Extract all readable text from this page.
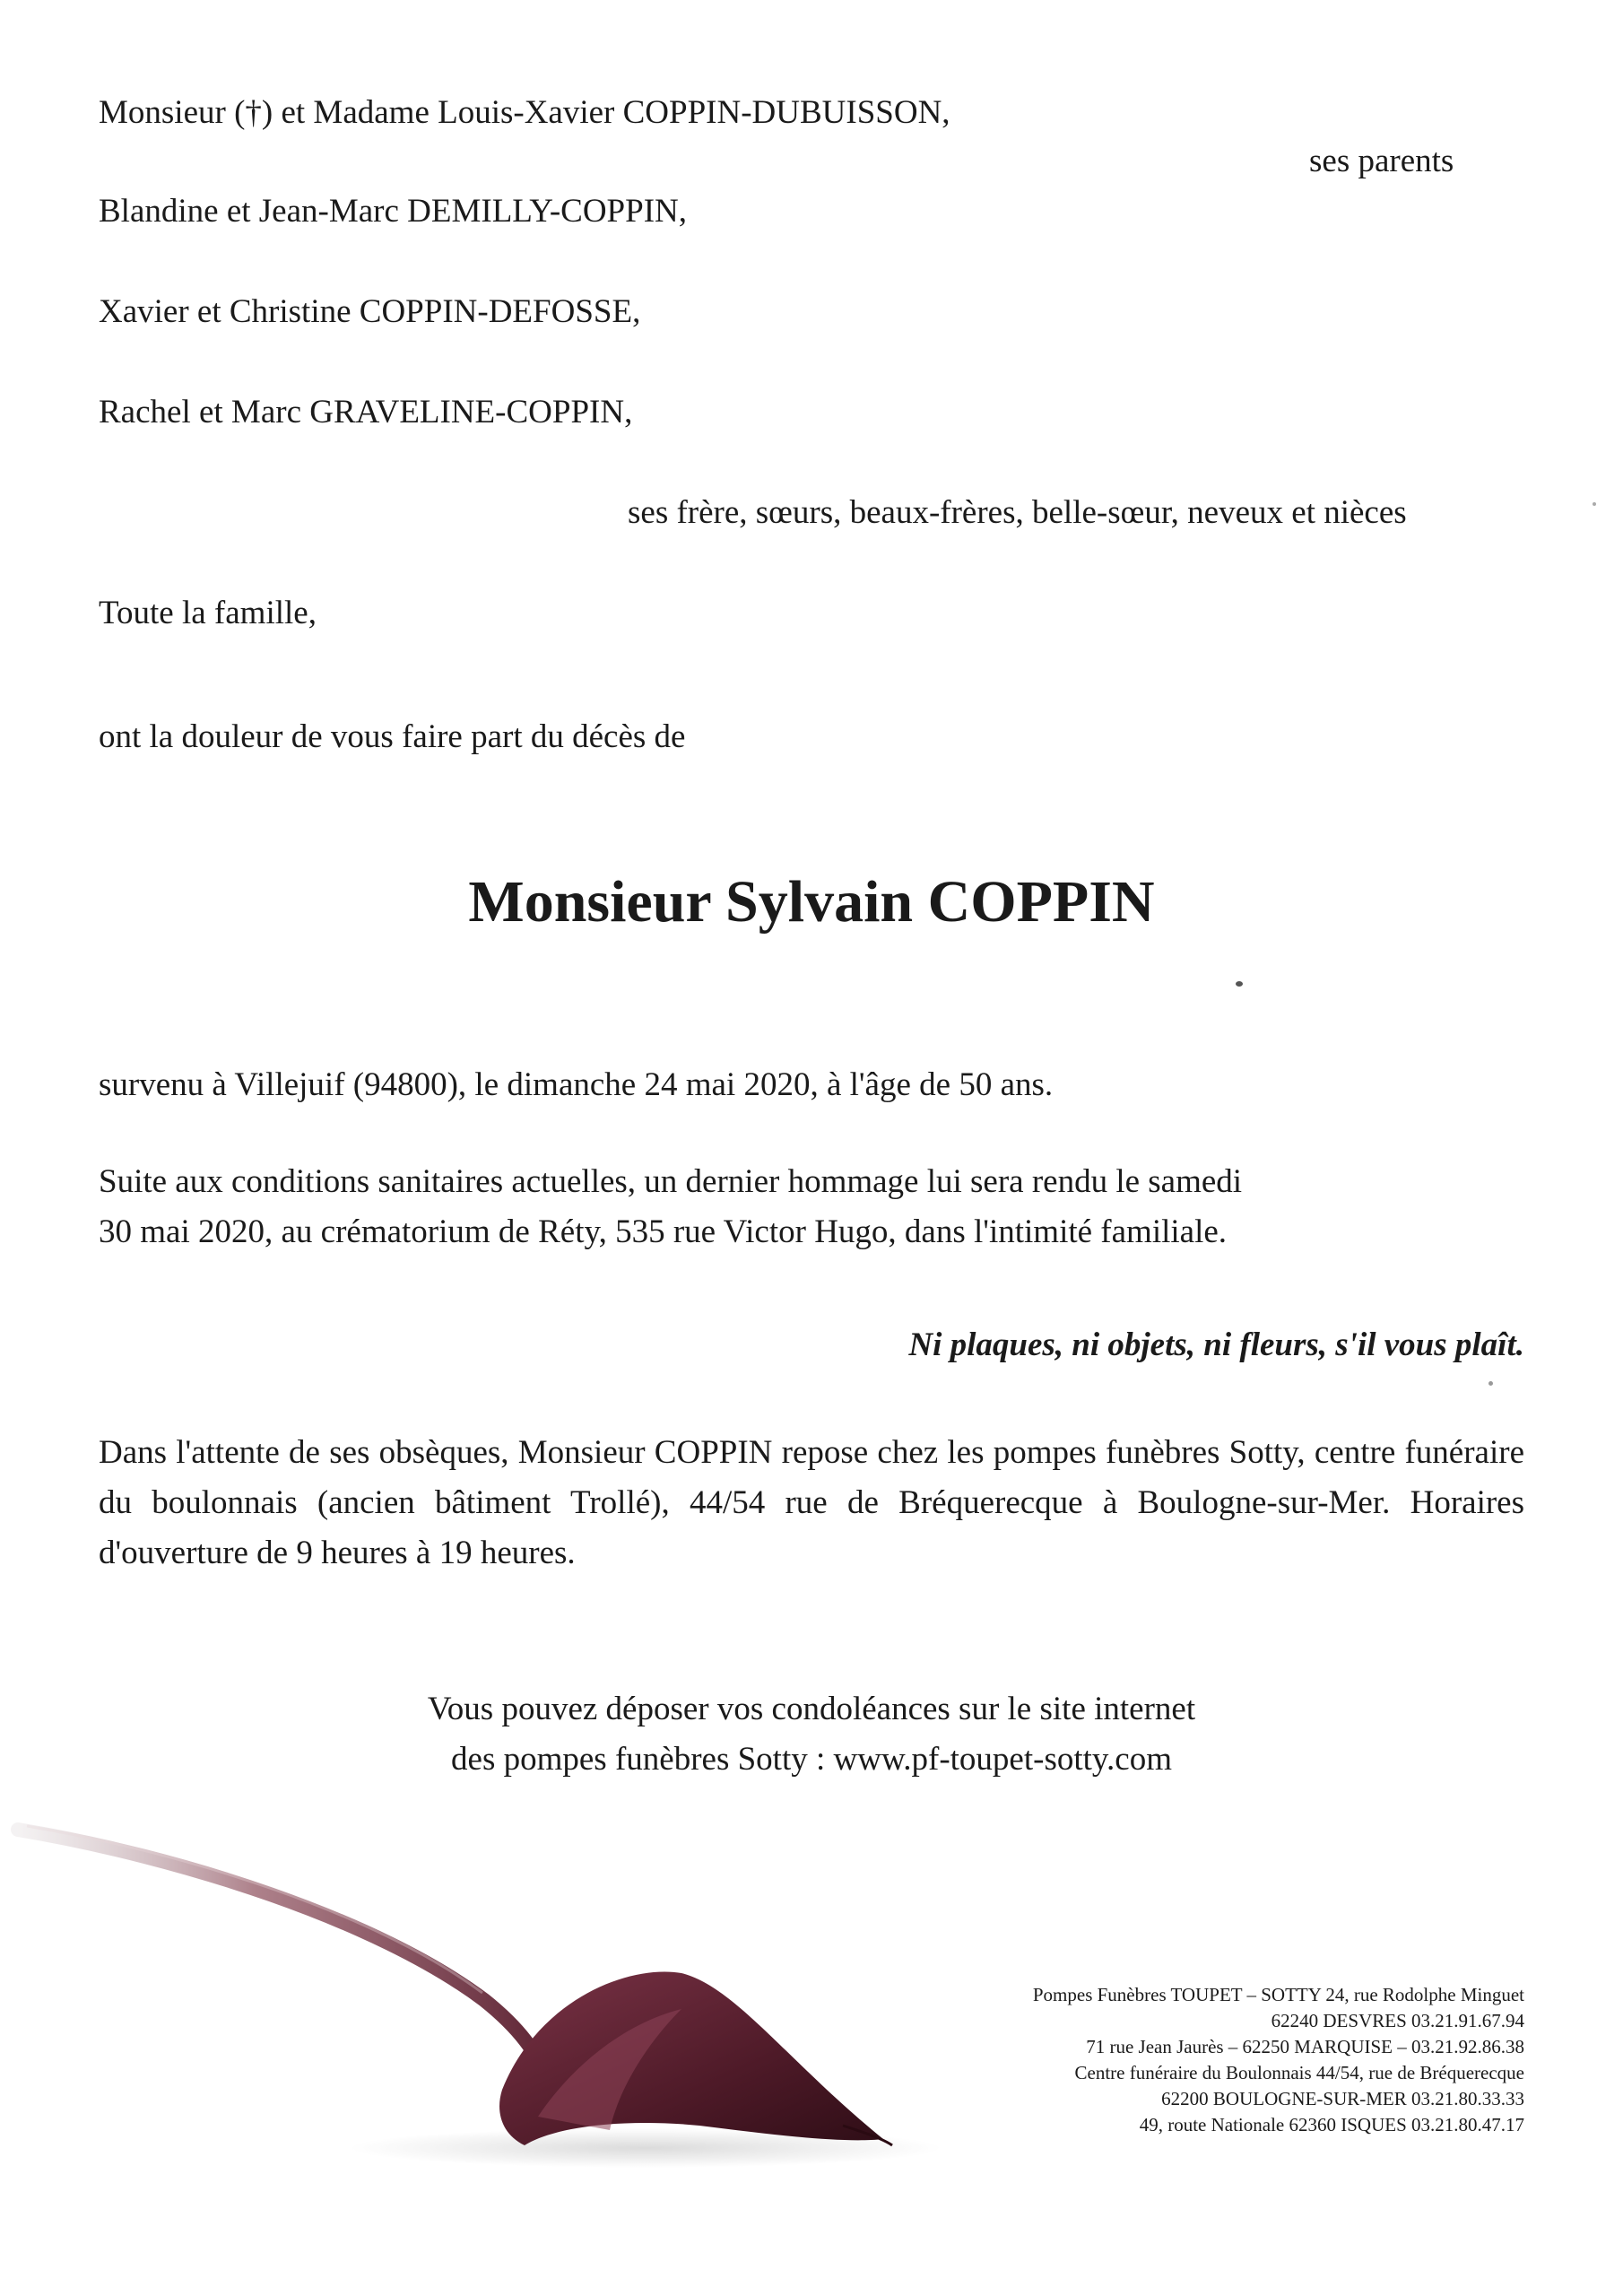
Monsieur (†) et Madame Louis-Xavier COPPIN-DUBUISSON,
ses parents
Blandine et Jean-Marc DEMILLY-COPPIN,
Xavier et Christine COPPIN-DEFOSSE,
Rachel et Marc GRAVELINE-COPPIN,
ses frère, sœurs, beaux-frères, belle-sœur, neveux et nièces
Toute la famille,
ont la douleur de vous faire part du décès de
Monsieur Sylvain COPPIN
survenu à Villejuif (94800), le dimanche 24 mai 2020, à l'âge de 50 ans.
Suite aux conditions sanitaires actuelles, un dernier hommage lui sera rendu le samedi
30 mai 2020, au crématorium de Réty, 535 rue Victor Hugo, dans l'intimité familiale.
Ni plaques, ni objets, ni fleurs, s'il vous plaît.
Dans l'attente de ses obsèques, Monsieur COPPIN repose chez les pompes funèbres Sotty, centre funéraire du boulonnais (ancien bâtiment Trollé), 44/54 rue de Bréquerecque à Boulogne-sur-Mer. Horaires d'ouverture de 9 heures à 19 heures.
Vous pouvez déposer vos condoléances sur le site internet
des pompes funèbres Sotty : www.pf-toupet-sotty.com
Pompes Funèbres TOUPET – SOTTY 24, rue Rodolphe Minguet
62240 DESVRES 03.21.91.67.94
71 rue Jean Jaurès – 62250 MARQUISE – 03.21.92.86.38
Centre funéraire du Boulonnais 44/54, rue de Bréquerecque
62200 BOULOGNE-SUR-MER 03.21.80.33.33
49, route Nationale 62360 ISQUES 03.21.80.47.17
